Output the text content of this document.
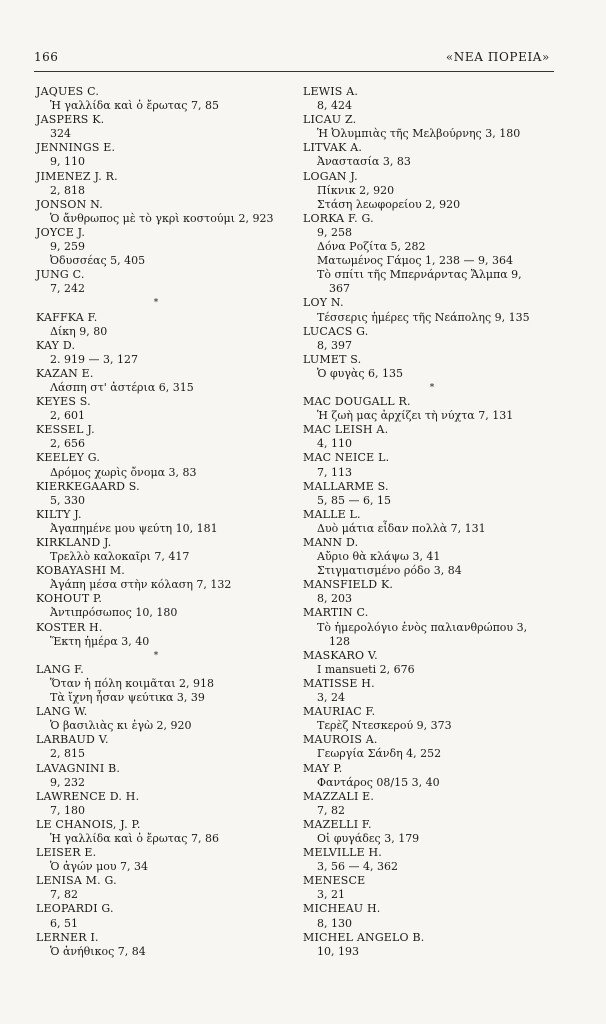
166	«ΝΕΑ ΠΟΡΕΙΑ»
JAQUES C.
Ἡ γαλλίδα καὶ ὁ ἔρωτας 7, 85
JASPERS K.
324
JENNINGS E.
9, 110
JIMENEZ J. R.
2, 818
JONSON N.
Ὁ ἄνθρωπος μὲ τὸ γκρὶ κοστούμι 2, 923
JOYCE J.
9, 259
Ὀδυσσέας 5, 405
JUNG C.
7, 242
*
KAFFKA F.
Δίκη 9, 80
KAY D.
2. 919 — 3, 127
KAZAN E.
Λάσπη στ' ἀστέρια 6, 315
KEYES S.
2, 601
KESSEL J.
2, 656
KEELEY G.
Δρόμος χωρὶς ὄνομα 3, 83
KIERKEGAARD S.
5, 330
KILTY J.
Ἀγαπημένε μου ψεύτη 10, 181
KIRKLAND J.
Τρελλὸ καλοκαῖρι 7, 417
KOBAYASHI M.
Ἀγάπη μέσα στὴν κόλαση 7, 132
KOHOUT P.
Ἀντιπρόσωπος 10, 180
KOSTER H.
Ἕκτη ἡμέρα 3, 40
*
LANG F.
Ὅταν ἡ πόλη κοιμᾶται 2, 918
Τὰ ἴχνη ἦσαν ψεύτικα 3, 39
LANG W.
Ὁ βασιλιὰς κι ἐγὼ 2, 920
LARBAUD V.
2, 815
LAVAGNINI B.
9, 232
LAWRENCE D. H.
7, 180
LE CHANOIS, J. P.
Ἡ γαλλίδα καὶ ὁ ἔρωτας 7, 86
LEISER E.
Ὁ ἀγών μου 7, 34
LENISA M. G.
7, 82
LEOPARDI G.
6, 51
LERNER I.
Ὁ ἀνήθικος 7, 84
LEWIS A.
8, 424
LICAU Z.
Ἡ Ὀλυμπιὰς τῆς Μελβούρνης 3, 180
LITVAK A.
Ἀναστασία 3, 83
LOGAN J.
Πίκνικ 2, 920
Στάση λεωφορείου 2, 920
LORKA F. G.
9, 258
Δόνα Ροζίτα 5, 282
Ματωμένος Γάμος 1, 238 — 9, 364
Τὸ σπίτι τῆς Μπερνάρντας Ἄλμπα 9,
367
LOY N.
Τέσσερις ἡμέρες τῆς Νεάπολης 9, 135
LUCACS G.
8, 397
LUMET S.
Ὁ φυγὰς 6, 135
*
MAC DOUGALL R.
Ἡ ζωὴ μας ἀρχίζει τὴ νύχτα 7, 131
MAC LEISH A.
4, 110
MAC NEICE L.
7, 113
MALLARME S.
5, 85 — 6, 15
MALLE L.
Δυὸ μάτια εἶδαν πολλὰ 7, 131
MANN D.
Αὔριο θὰ κλάψω 3, 41
Στιγματισμένο ρόδο 3, 84
MANSFIELD K.
8, 203
MARTIN C.
Τὸ ἡμερολόγιο ἑνὸς παλιανθρώπου 3,
128
MASKARO V.
I mansueti 2, 676
MATISSE H.
3, 24
MAURIAC F.
Τερὲζ Ντεσκερού 9, 373
MAUROIS A.
Γεωργία Σάνδη 4, 252
MAY P.
Φαντάρος 08/15 3, 40
MAZZALI E.
7, 82
MAZELLI F.
Οἱ φυγάδες 3, 179
MELVILLE H.
3, 56 — 4, 362
MENESCE
3, 21
MICHEAU H.
8, 130
MICHEL ANGELO B.
10, 193
